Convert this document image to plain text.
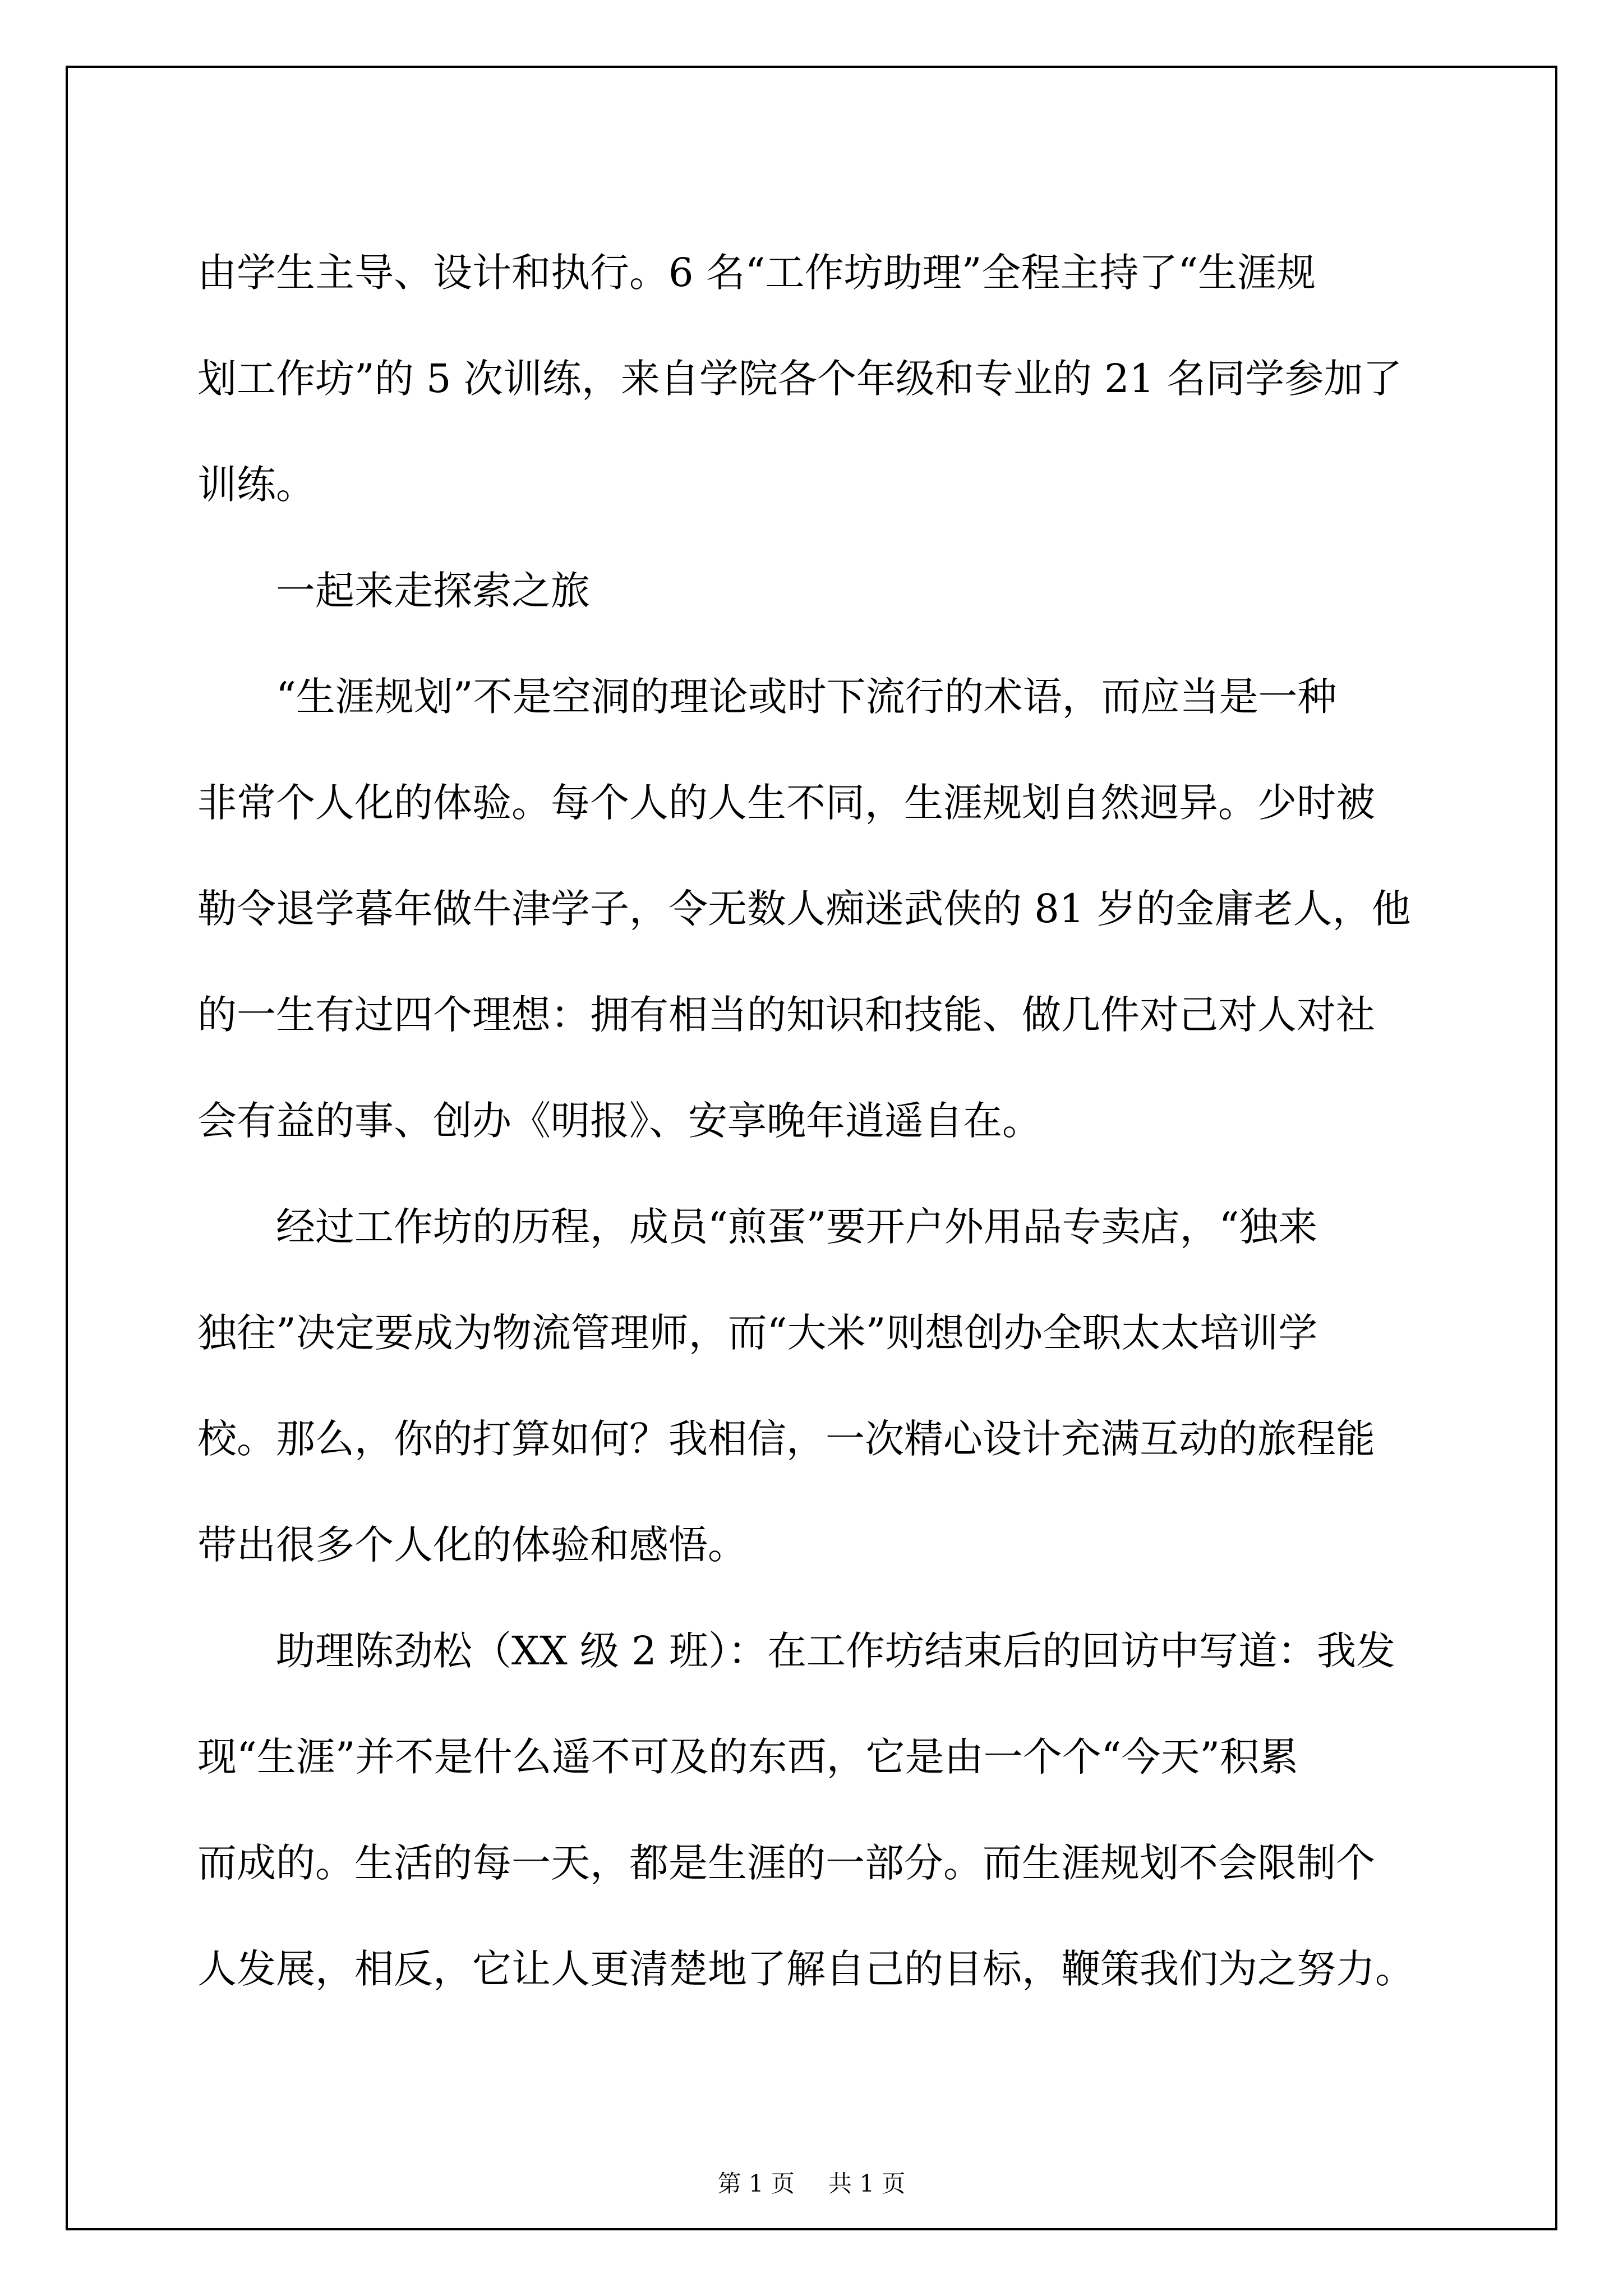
由学生主导、设计和执行。6 名“工作坊助理”全程主持了“生涯规
划工作坊”的 5 次训练，来自学院各个年级和专业的 21 名同学参加了
训练。
一起来走探索之旅
“生涯规划”不是空洞的理论或时下流行的术语，而应当是一种
非常个人化的体验。每个人的人生不同，生涯规划自然迥异。少时被
勒令退学暮年做牛津学子，令无数人痴迷武侠的 81 岁的金庸老人，他
的一生有过四个理想：拥有相当的知识和技能、做几件对己对人对社
会有益的事、创办《明报》、安享晚年逍遥自在。
经过工作坊的历程，成员“煎蛋”要开户外用品专卖店，“独来
独往”决定要成为物流管理师，而“大米”则想创办全职太太培训学
校。那么，你的打算如何？我相信，一次精心设计充满互动的旅程能
带出很多个人化的体验和感悟。
助理陈劲松（XX 级 2 班）：在工作坊结束后的回访中写道：我发
现“生涯”并不是什么遥不可及的东西，它是由一个个“今天”积累
而成的。生活的每一天，都是生涯的一部分。而生涯规划不会限制个
人发展，相反，它让人更清楚地了解自己的目标，鞭策我们为之努力。
第 1 页 共 1 页
